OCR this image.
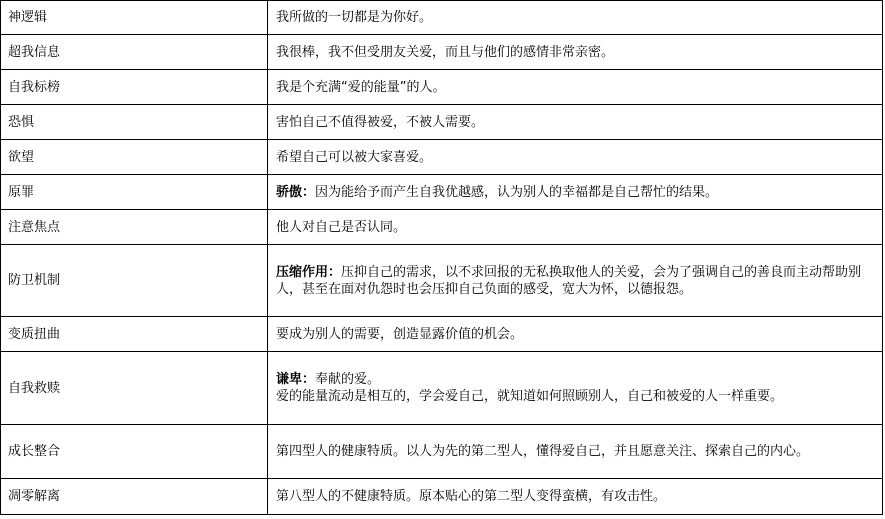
神逻辑	我所做的一切都是为你好。
超我信息	我很棒，我不但受朋友关爱，而且与他们的感情非常亲密。
自我标榜	我是个充满“爱的能量”的人。
恐惧	害怕自己不值得被爱，不被人需要。
欲望	希望自己可以被大家喜爱。
原罪	骄傲：因为能给予而产生自我优越感，认为别人的幸福都是自己帮忙的结果。
注意焦点	他人对自己是否认同。
防卫机制	压缩作用：压抑自己的需求，以不求回报的无私换取他人的关爱，会为了强调自己的善良而主动帮助别人，甚至在面对仇怨时也会压抑自己负面的感受，宽大为怀，以德报怨。
变质扭曲	要成为别人的需要，创造显露价值的机会。
自我救赎	谦卑：奉献的爱。
爱的能量流动是相互的，学会爱自己，就知道如何照顾别人，自己和被爱的人一样重要。

成长整合	第四型人的健康特质。以人为先的第二型人，懂得爱自己，并且愿意关注、探索自己的内心。
凋零解离	第八型人的不健康特质。原本贴心的第二型人变得蛮横，有攻击性。
